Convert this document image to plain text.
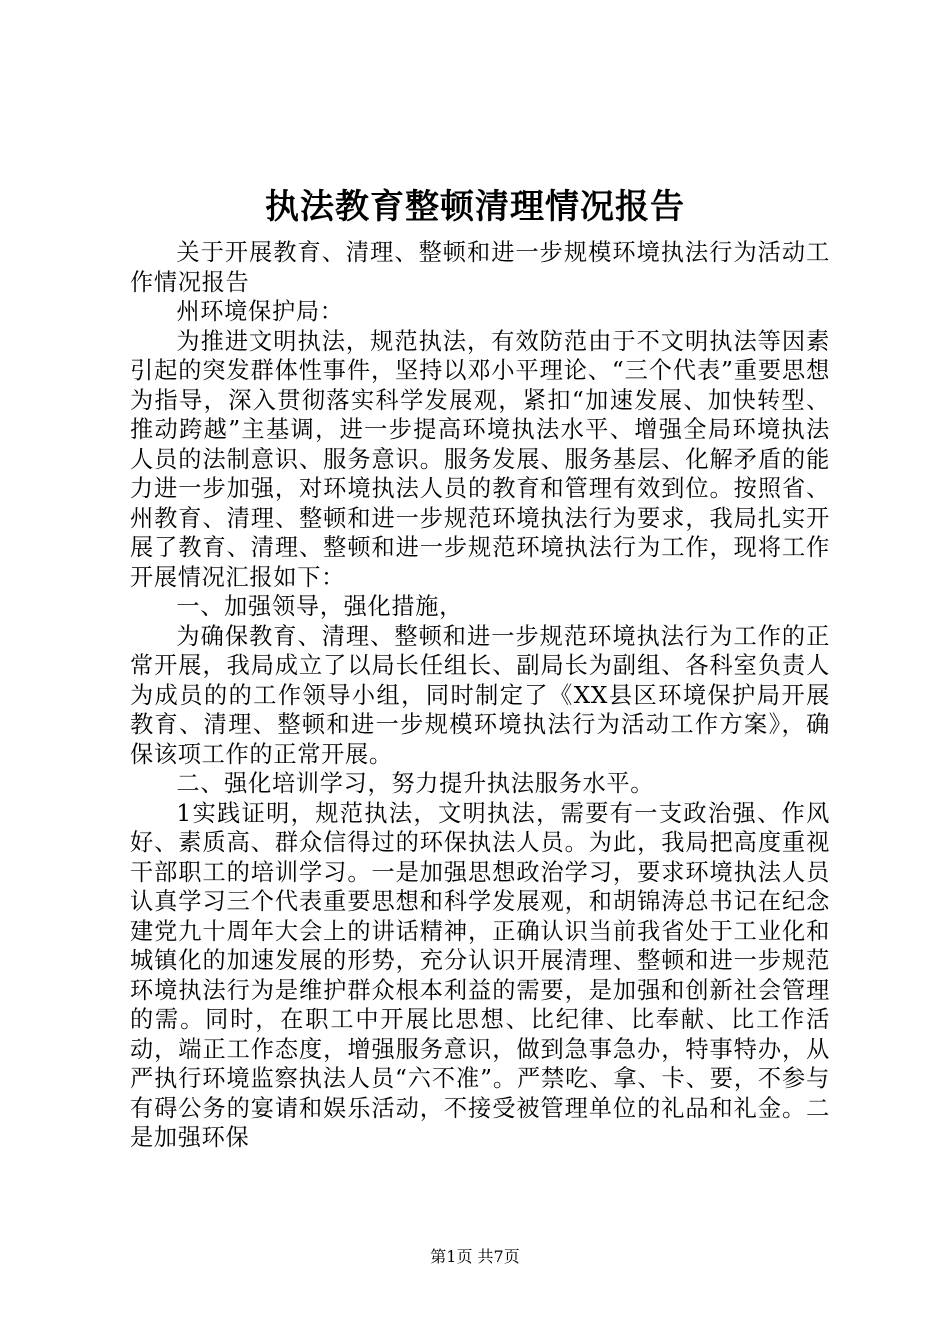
执法教育整顿清理情况报告

关于开展教育、清理、整顿和进一步规模环境执法行为活动工作情况报告

州环境保护局：

为推进文明执法，规范执法，有效防范由于不文明执法等因素引起的突发群体性事件，坚持以邓小平理论、“三个代表”重要思想为指导，深入贯彻落实科学发展观，紧扣“加速发展、加快转型、推动跨越”主基调，进一步提高环境执法水平、增强全局环境执法人员的法制意识、服务意识。服务发展、服务基层、化解矛盾的能力进一步加强，对环境执法人员的教育和管理有效到位。按照省、州教育、清理、整顿和进一步规范环境执法行为要求，我局扎实开展了教育、清理、整顿和进一步规范环境执法行为工作，现将工作开展情况汇报如下：

一、加强领导，强化措施，

为确保教育、清理、整顿和进一步规范环境执法行为工作的正常开展，我局成立了以局长任组长、副局长为副组、各科室负责人为成员的的工作领导小组，同时制定了《XX县区环境保护局开展教育、清理、整顿和进一步规模环境执法行为活动工作方案》，确保该项工作的正常开展。

二、强化培训学习，努力提升执法服务水平。

1实践证明，规范执法，文明执法，需要有一支政治强、作风好、素质高、群众信得过的环保执法人员。为此，我局把高度重视干部职工的培训学习。一是加强思想政治学习，要求环境执法人员认真学习三个代表重要思想和科学发展观，和胡锦涛总书记在纪念建党九十周年大会上的讲话精神，正确认识当前我省处于工业化和城镇化的加速发展的形势，充分认识开展清理、整顿和进一步规范环境执法行为是维护群众根本利益的需要，是加强和创新社会管理的需。同时，在职工中开展比思想、比纪律、比奉献、比工作活动，端正工作态度，增强服务意识，做到急事急办，特事特办，从严执行环境监察执法人员“六不准”。严禁吃、拿、卡、要，不参与有碍公务的宴请和娱乐活动，不接受被管理单位的礼品和礼金。二是加强环保

第1页 共7页
